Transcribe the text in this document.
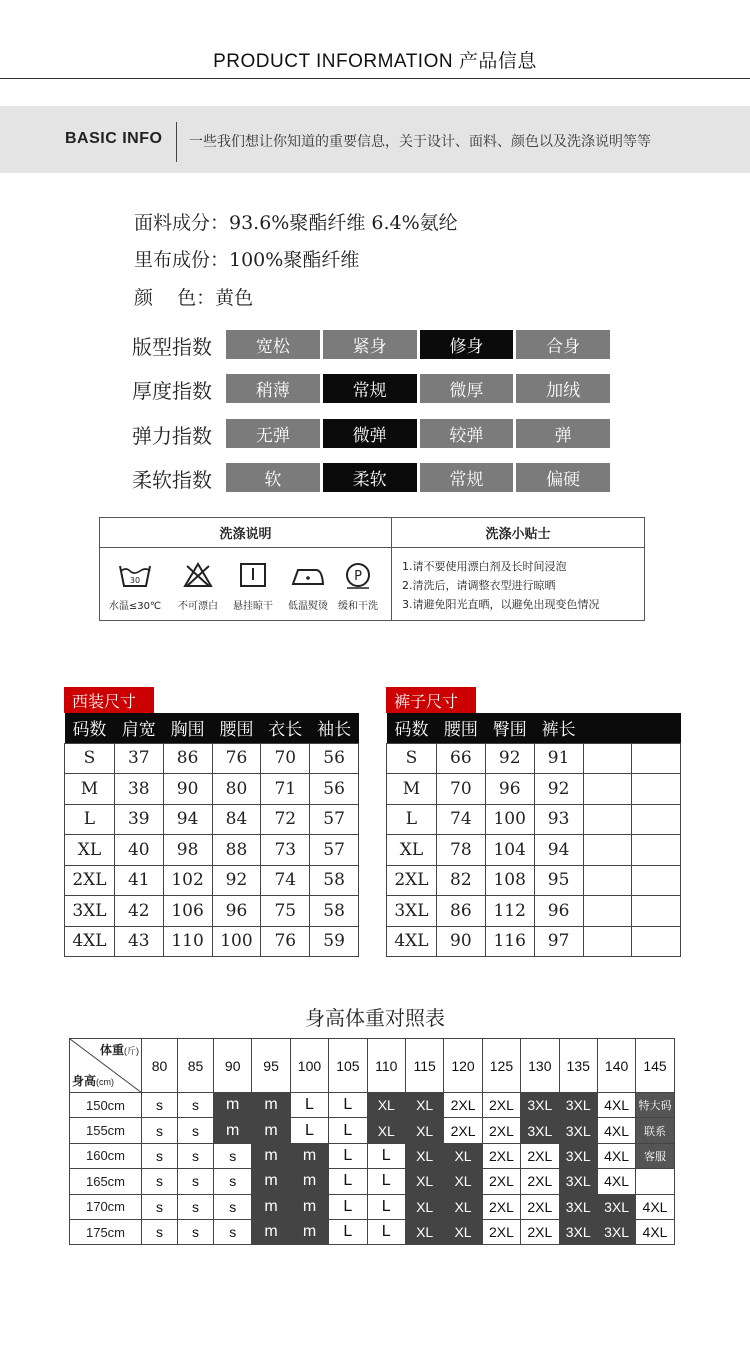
PRODUCT INFORMATION 产品信息
BASIC INFO 一些我们想让你知道的重要信息，关于设计、面料、颜色以及洗涤说明等等
面料成分：93.6%聚酯纤维 6.4%氨纶
里布成份：100%聚酯纤维
颜    色：黄色
版型指数	宽松	紧身	修身	合身
厚度指数	稍薄	常规	微厚	加绒
弹力指数	无弹	微弹	较弹	弹
柔软指数	软	柔软	常规	偏硬
洗涤说明	洗涤小贴士
30	P
水温≤30℃	不可漂白	悬挂晾干	低温熨烫	缓和干洗
1.请不要使用漂白剂及长时间浸泡
2.清洗后，请调整衣型进行晾晒
3.请避免阳光直晒，以避免出现变色情况
西装尺寸
码数	肩宽	胸围	腰围	衣长	袖长
S	37	86	76	70	56
M	38	90	80	71	56
L	39	94	84	72	57
XL	40	98	88	73	57
2XL	41	102	92	74	58
3XL	42	106	96	75	58
4XL	43	110	100	76	59
裤子尺寸
码数	腰围	臀围	裤长		
S	66	92	91		
M	70	96	92		
L	74	100	93		
XL	78	104	94		
2XL	82	108	95		
3XL	86	112	96		
4XL	90	116	97		
身高体重对照表
体重(斤)
身高(cm)	80	85	90	95	100	105	110	115	120	125	130	135	140	145
150cm	s	s	m	m	L	L	XL	XL	2XL	2XL	3XL	3XL	4XL	特大码
155cm	s	s	m	m	L	L	XL	XL	2XL	2XL	3XL	3XL	4XL	联系
160cm	s	s	s	m	m	L	L	XL	XL	2XL	2XL	3XL	4XL	客服
165cm	s	s	s	m	m	L	L	XL	XL	2XL	2XL	3XL	4XL	
170cm	s	s	s	m	m	L	L	XL	XL	2XL	2XL	3XL	3XL	4XL
175cm	s	s	s	m	m	L	L	XL	XL	2XL	2XL	3XL	3XL	4XL
